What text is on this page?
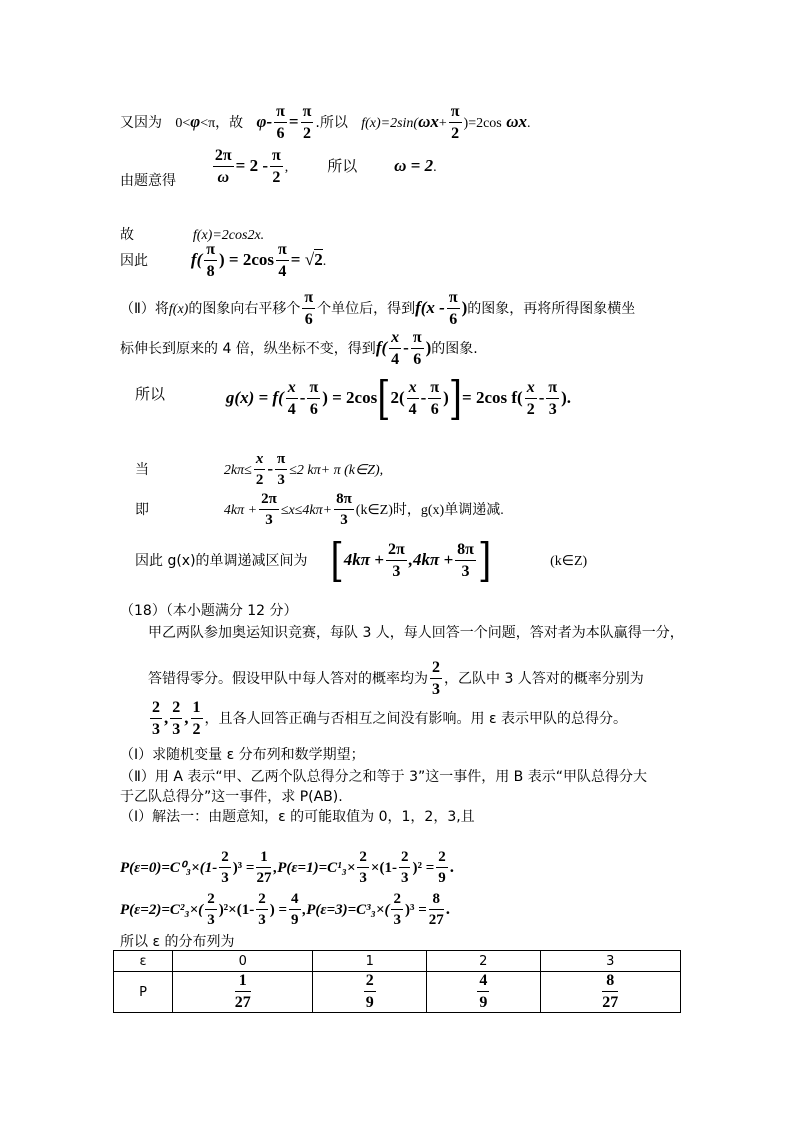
又因为 0<φ<π，故 $\varphi- \frac{\pi}{6} = \frac{\pi}{2}$ .所以 $f(x)=2\sin(\omega x+ \frac{\pi}{2} )=2\cos$ ωx.
由题意得 $\frac{2\pi}{\omega} = 2 - \frac{\pi}{2}$ ,	所以 ω = 2.
故	f(x)=2cos2x.
因此	$f( \frac{\pi}{8}$ ) = $2\cos \frac{\pi}{4} = √2$.
（Ⅱ）将f(x)的图象向右平移个 $\frac{\pi}{6}$ 个单位后，得到$f(x - \frac{\pi}{6}$ )的图象，再将所得图象横坐
标伸长到原来的 4 倍，纵坐标不变，得到$f( \frac{x}{4} - \frac{\pi}{6}$ )的图象.
所以	$g(x) = f( \frac{x}{4} - \frac{\pi}{6}$ ) = $2\cos[2( \frac{x}{4} - \frac{\pi}{6}$ )]= 2cos $f( \frac{x}{2} - \frac{\pi}{3}$ ).
当	$2k\pi\le \frac{x}{2} - \frac{\pi}{3} \le 2$ kπ+ π (k∈Z),
即	$4k\pi + \frac{2\pi}{3} \le x\le 4k\pi+ \frac{8\pi}{3}$ (k∈Z)时，g(x)单调递减.
因此 g(x)的单调递减区间为 [$4k\pi + \frac{2\pi}{3} ,4k\pi + \frac{8\pi}{3}$ ]	(k∈Z)
（18）（本小题满分 12 分）
甲乙两队参加奥运知识竞赛，每队 3 人，每人回答一个问题，答对者为本队赢得一分，
答错得零分。假设甲队中每人答对的概率均为 $\frac{2}{3}$ ，乙队中 3 人答对的概率分别为
$\frac{2}{3}$ , $\frac{2}{3}$ , $\frac{1}{2}$ ，且各人回答正确与否相互之间没有影响。用 ε 表示甲队的总得分。
（Ⅰ）求随机变量 ε 分布列和数学期望；
（Ⅱ）用 A 表示“甲、乙两个队总得分之和等于 3”这一事件，用 B 表示“甲队总得分大
于乙队总得分”这一事件，求 P(AB).
（Ⅰ）解法一：由题意知，ε 的可能取值为 0，1，2，3,且
$P(\varepsilon=0)=C^0_3\times(1- \frac{2}{3} )^3 = \frac{1}{27} ,P(\varepsilon=1)=C^1_3\times \frac{2}{3} \times(1- \frac{2}{3} )^2 = \frac{2}{9}$ .
$P(\varepsilon=2)=C^2_3\times( \frac{2}{3} )^2\times(1- \frac{2}{3}$ ) = $\frac{4}{9} ,P(\varepsilon=3)=C^3_3\times( \frac{2}{3} )^3 = \frac{8}{27}$ .
所以 ε 的分布列为
ε	0	1	2	3
P	$\frac{1}{27}$	$\frac{2}{9}$	$\frac{4}{9}$	$\frac{8}{27}$
